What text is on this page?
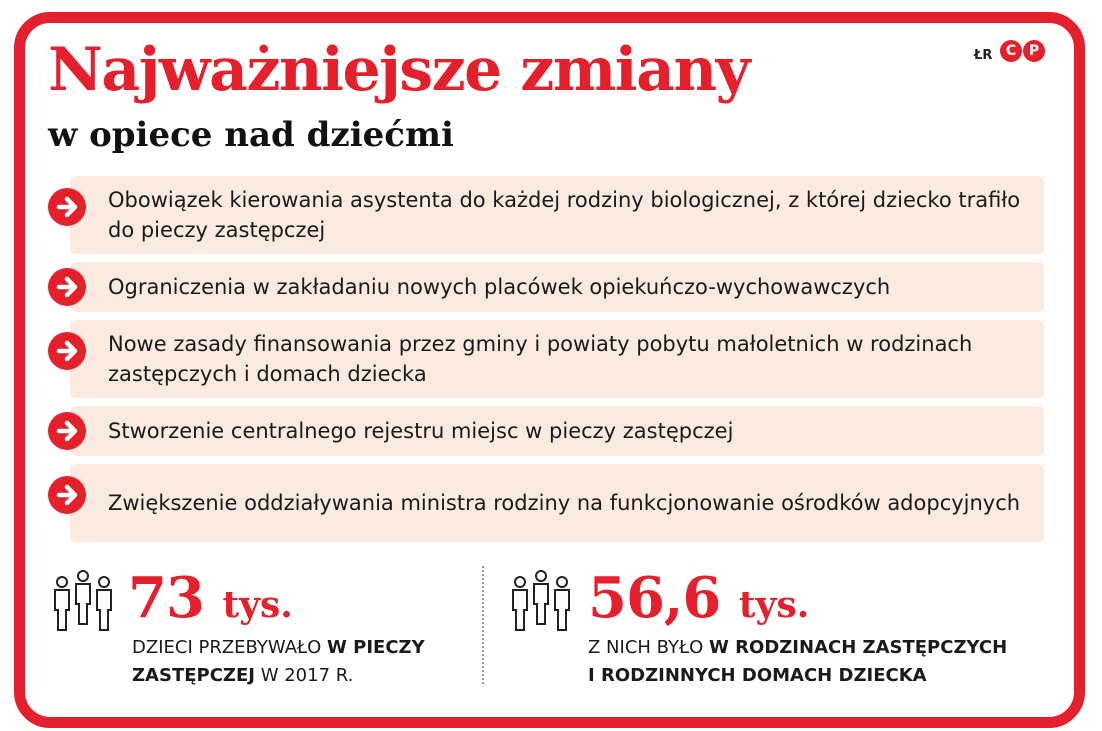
Najważniejsze zmiany
w opiece nad dziećmi
ŁR C P
Obowiązek kierowania asystenta do każdej rodziny biologicznej, z której dziecko trafiło do pieczy zastępczej
Ograniczenia w zakładaniu nowych placówek opiekuńczo-wychowawczych
Nowe zasady finansowania przez gminy i powiaty pobytu małoletnich w rodzinach zastępczych i domach dziecka
Stworzenie centralnego rejestru miejsc w pieczy zastępczej
Zwiększenie oddziaływania ministra rodziny na funkcjonowanie ośrodków adopcyjnych
73 tys.
DZIECI PRZEBYWAŁO W PIECZY
ZASTĘPCZEJ W 2017 R.
56,6 tys.
Z NICH BYŁO W RODZINACH ZASTĘPCZYCH
I RODZINNYCH DOMACH DZIECKA
